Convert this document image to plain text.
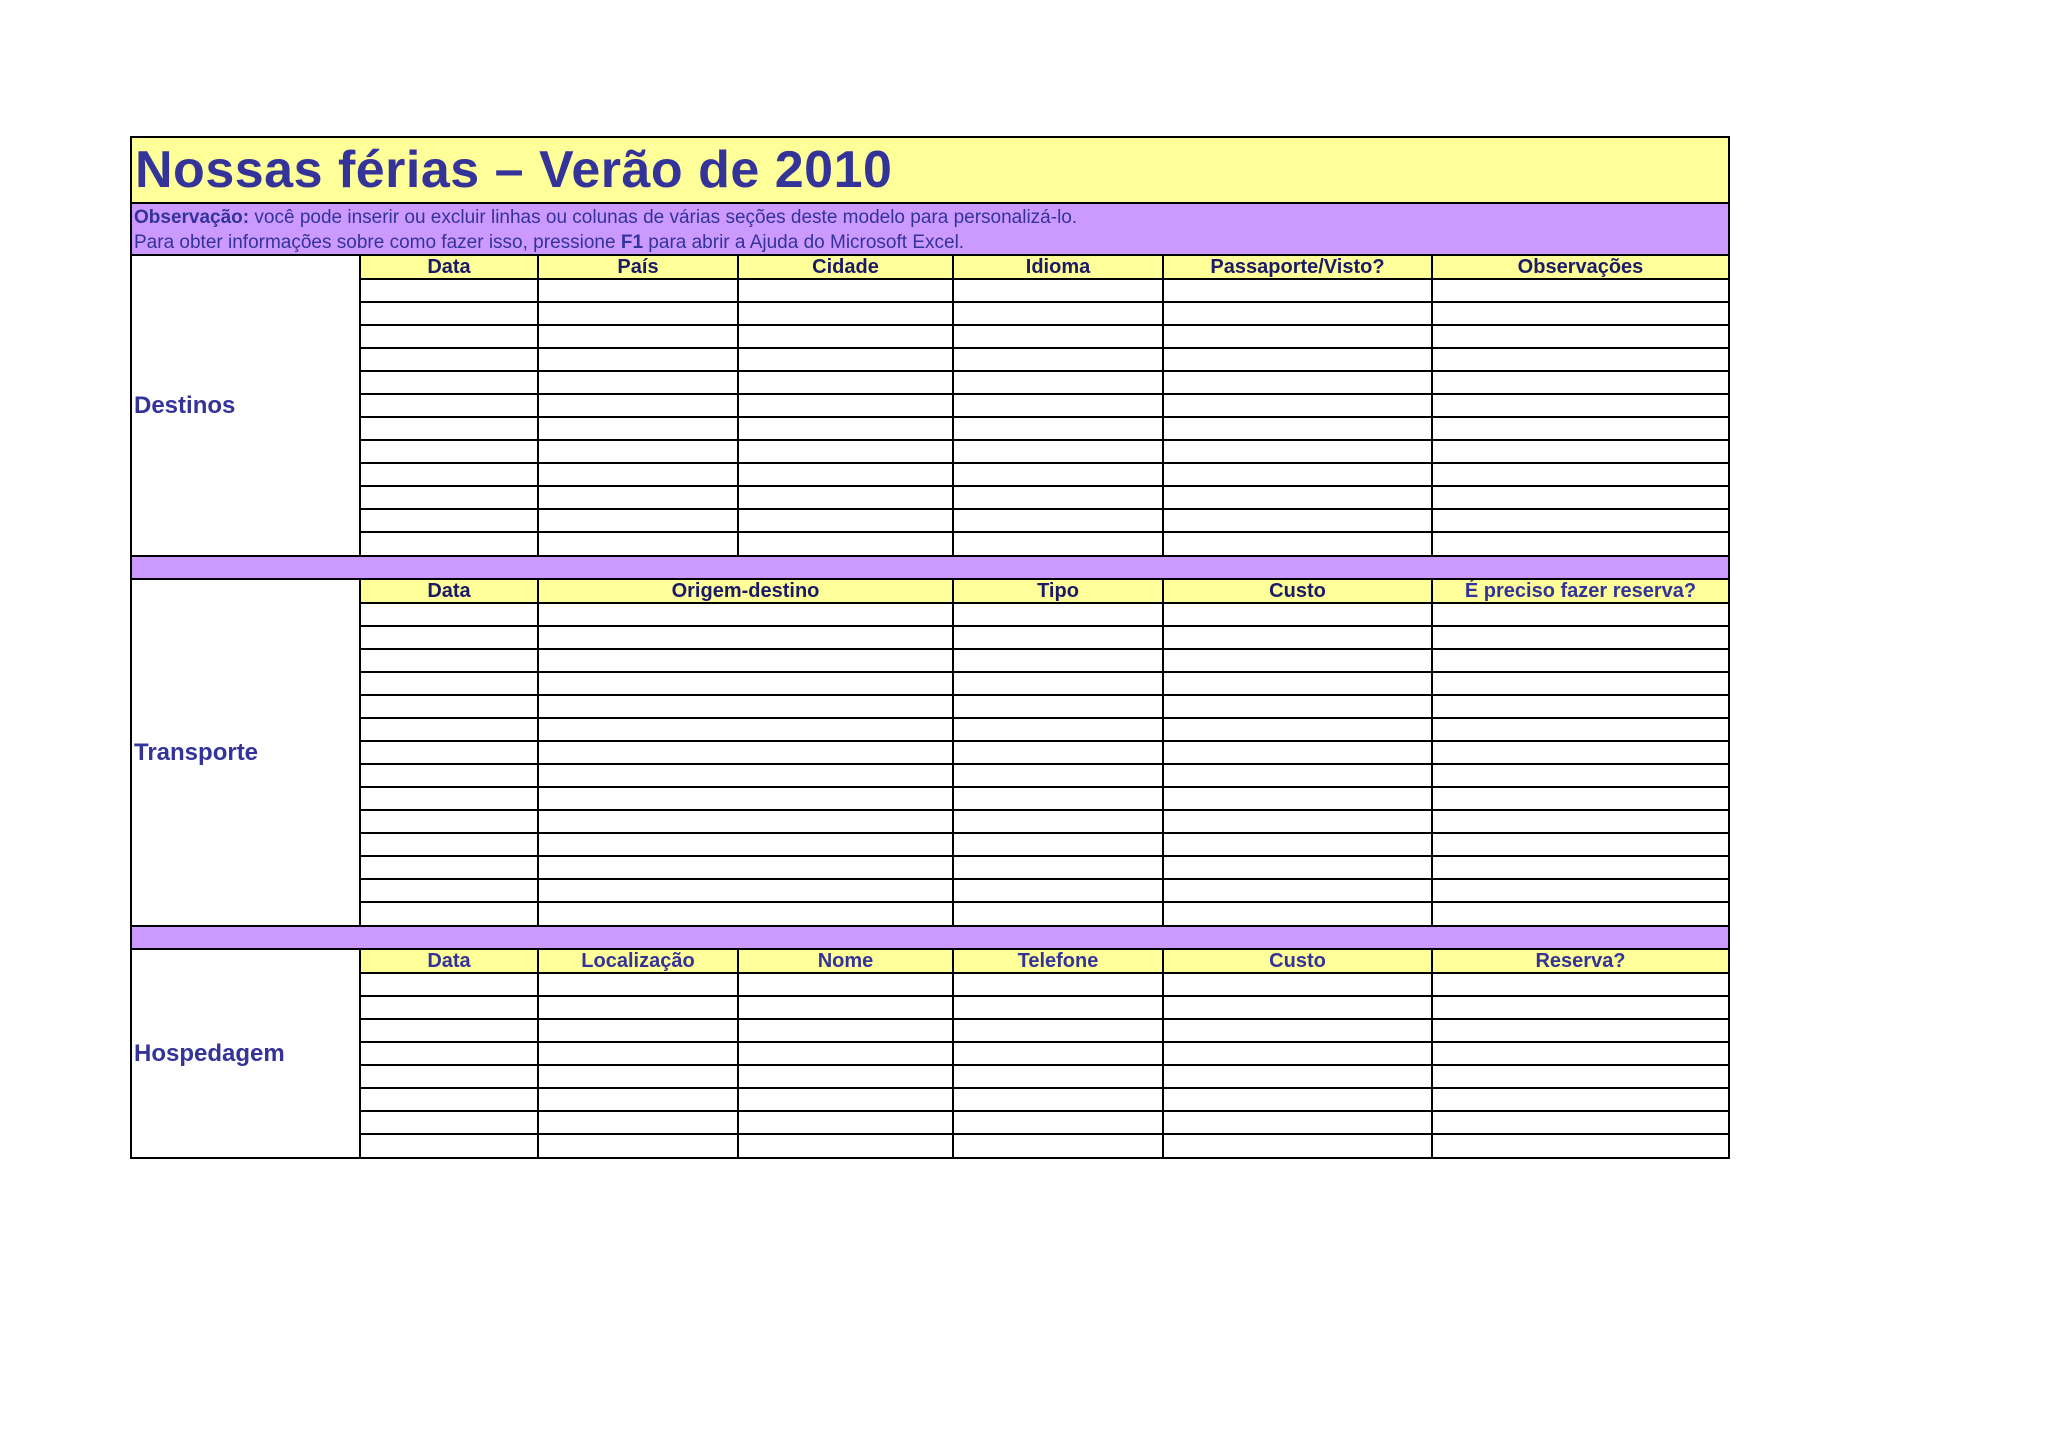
Nossas férias – Verão de 2010
Observação: você pode inserir ou excluir linhas ou colunas de várias seções deste modelo para personalizá-lo.
Para obter informações sobre como fazer isso, pressione F1 para abrir a Ajuda do Microsoft Excel.
Destinos
Data	País	Cidade	Idioma	Passaporte/Visto?	Observações

Transporte
Data	Origem-destino	Tipo	Custo	É preciso fazer reserva?

Hospedagem
Data	Localização	Nome	Telefone	Custo	Reserva?
